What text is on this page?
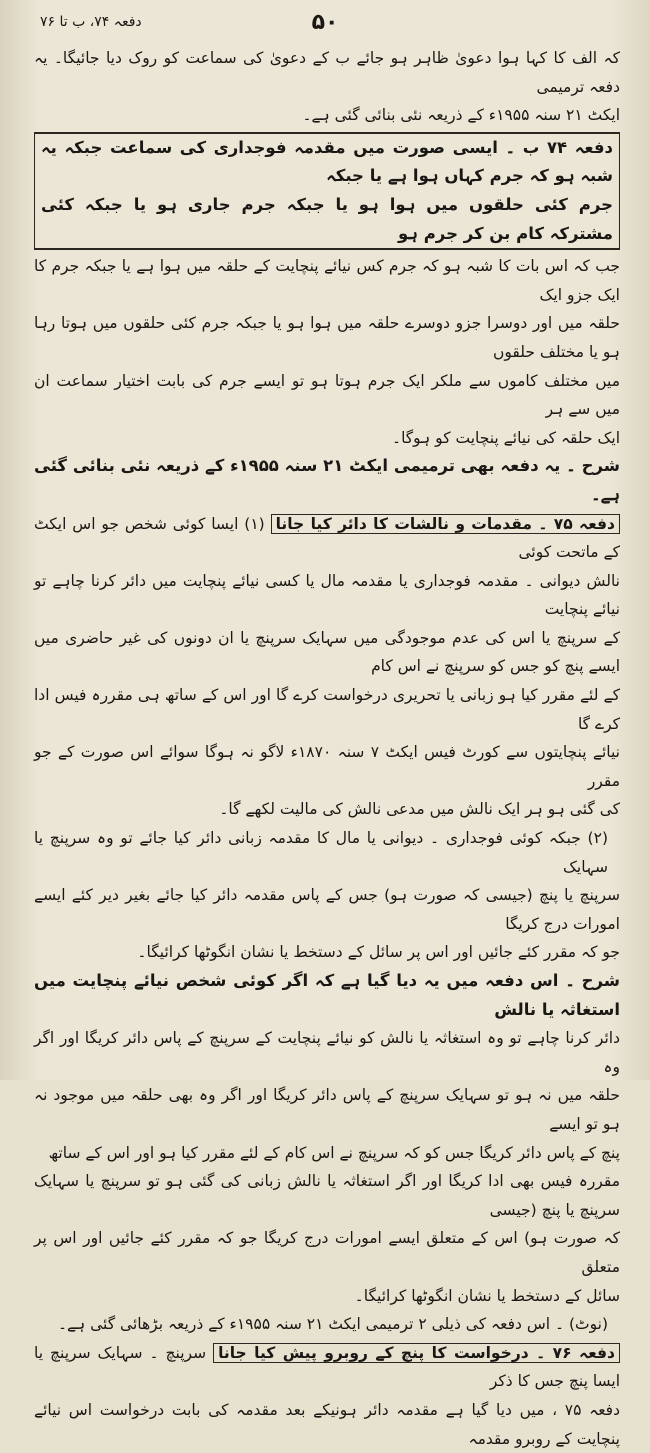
۵۰
دفعہ ۷۴، ب تا ۷۶

کہ الف کا کہا ہوا دعویٰ ظاہر ہو جائے ب کے دعویٰ کی سماعت کو روک دیا جائیگا۔ یہ دفعہ ترمیمی

ایکٹ ۲۱ سنہ ۱۹۵۵ء کے ذریعہ نئی بنائی گئی ہے۔

دفعہ ۷۴ ب ۔ ایسی صورت میں مقدمہ فوجداری کی سماعت جبکہ یہ شبہ ہو کہ جرم کہاں ہوا ہے یا جبکہ

جرم کئی حلقوں میں ہوا ہو یا جبکہ جرم جاری ہو یا جبکہ کئی مشترکہ کام بن کر جرم ہو

جب کہ اس بات کا شبہ ہو کہ جرم کس نیائے پنچایت کے حلقہ میں ہوا ہے یا جبکہ جرم کا ایک جزو ایک

حلقہ میں اور دوسرا جزو دوسرے حلقہ میں ہوا ہو یا جبکہ جرم کئی حلقوں میں ہوتا رہا ہو یا مختلف حلقوں

میں مختلف کاموں سے ملکر ایک جرم ہوتا ہو تو ایسے جرم کی بابت اختیار سماعت ان میں سے ہر

ایک حلقہ کی نیائے پنچایت کو ہوگا۔

شرح ۔ یہ دفعہ بھی ترمیمی ایکٹ ۲۱ سنہ ۱۹۵۵ء کے ذریعہ نئی بنائی گئی ہے۔

دفعہ ۷۵ ۔ مقدمات و نالشات کا دائر کیا جانا (۱) ایسا کوئی شخص جو اس ایکٹ کے ماتحت کوئی

نالش دیوانی ۔ مقدمہ فوجداری یا مقدمہ مال یا کسی نیائے پنچایت میں دائر کرنا چاہے تو نیائے پنچایت

کے سرپنچ یا اس کی عدم موجودگی میں سہایک سرپنچ یا ان دونوں کی غیر حاضری میں ایسے پنچ کو جس کو سرپنچ نے اس کام

کے لئے مقرر کیا ہو زبانی یا تحریری درخواست کرے گا اور اس کے ساتھ ہی مقررہ فیس ادا کرے گا

نیائے پنچایتوں سے کورٹ فیس ایکٹ ۷ سنہ ۱۸۷۰ء لاگو نہ ہوگا سوائے اس صورت کے جو مقرر

کی گئی ہو ہر ایک نالش میں مدعی نالش کی مالیت لکھے گا۔

(۲) جبکہ کوئی فوجداری ۔ دیوانی یا مال کا مقدمہ زبانی دائر کیا جائے تو وہ سرپنچ یا سہایک

سرپنچ یا پنچ (جیسی کہ صورت ہو) جس کے پاس مقدمہ دائر کیا جائے بغیر دیر کئے ایسے امورات درج کریگا

جو کہ مقرر کئے جائیں اور اس پر سائل کے دستخط یا نشان انگوٹھا کرائیگا۔

شرح ۔ اس دفعہ میں یہ دیا گیا ہے کہ اگر کوئی شخص نیائے پنچایت میں استغاثہ یا نالش

دائر کرنا چاہے تو وہ استغاثہ یا نالش کو نیائے پنچایت کے سرپنچ کے پاس دائر کریگا اور اگر وہ

حلقہ میں نہ ہو تو سہایک سرپنچ کے پاس دائر کریگا اور اگر وہ بھی حلقہ میں موجود نہ ہو تو ایسے

پنچ کے پاس دائر کریگا جس کو کہ سرپنچ نے اس کام کے لئے مقرر کیا ہو اور اس کے ساتھ

مقررہ فیس بھی ادا کریگا اور اگر استغاثہ یا نالش زبانی کی گئی ہو تو سرپنچ یا سہایک سرپنچ یا پنچ (جیسی

کہ صورت ہو) اس کے متعلق ایسے امورات درج کریگا جو کہ مقرر کئے جائیں اور اس پر متعلق

سائل کے دستخط یا نشان انگوٹھا کرائیگا۔

(نوٹ) ۔ اس دفعہ کی ذیلی ۲ ترمیمی ایکٹ ۲۱ سنہ ۱۹۵۵ء کے ذریعہ بڑھائی گئی ہے۔

دفعہ ۷۶ ۔ درخواست کا پنچ کے روبرو پیش کیا جانا سرپنچ ۔ سہایک سرپنچ یا ایسا پنچ جس کا ذکر

دفعہ ۷۵ ، میں دیا گیا ہے مقدمہ دائر ہونیکے بعد مقدمہ کی بابت درخواست اس نیائے پنچایت کے روبرو مقدمہ
